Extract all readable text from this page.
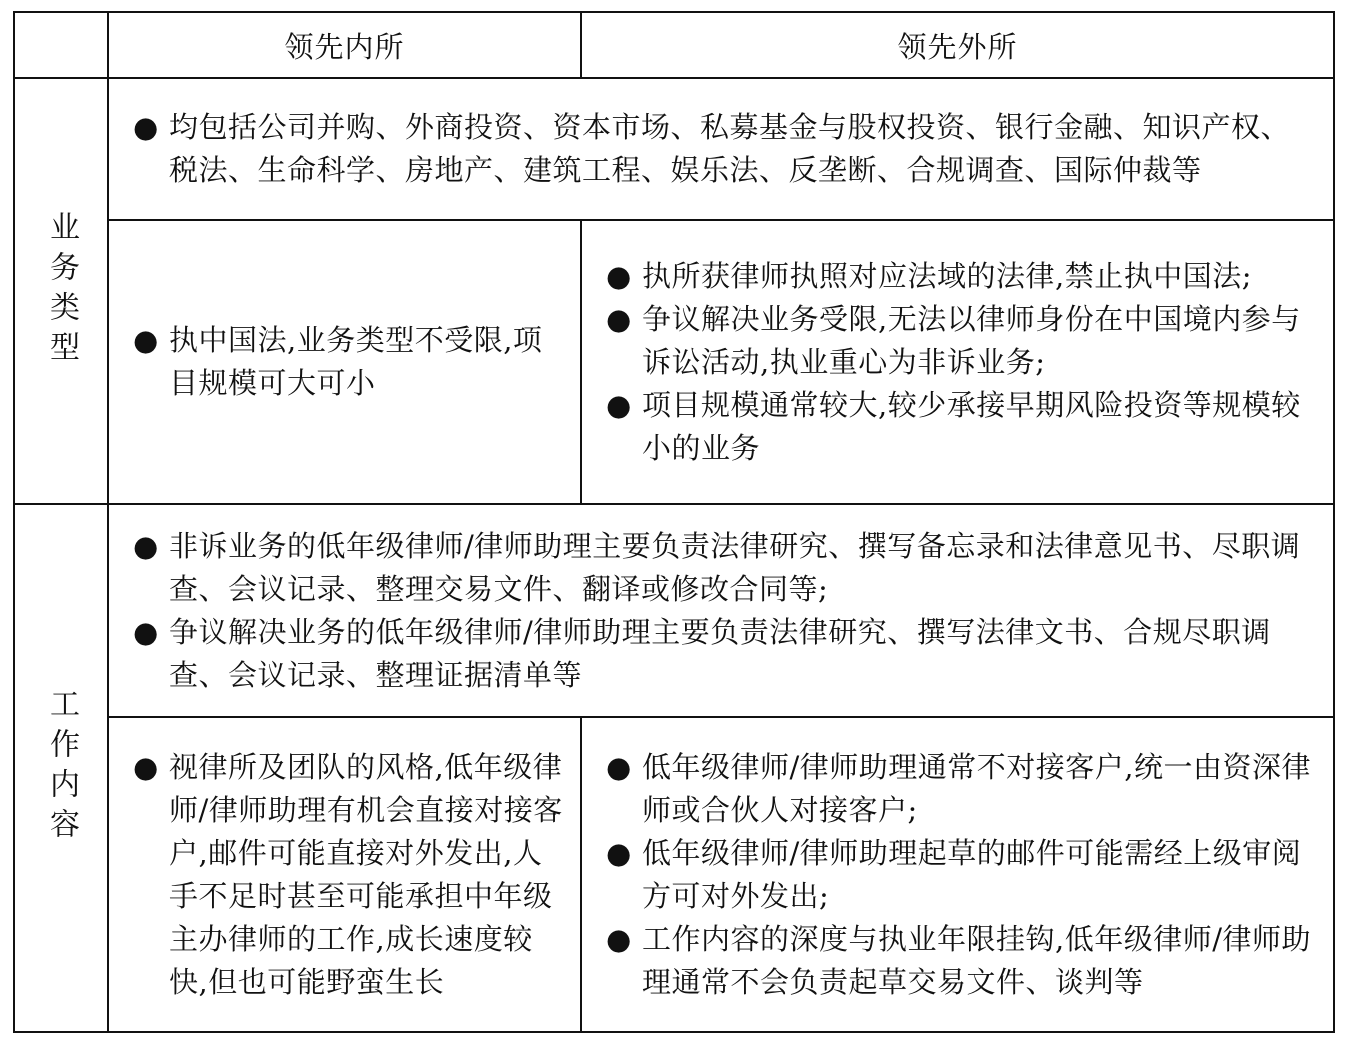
领先内所	领先外所
业务类型
● 均包括公司并购、外商投资、资本市场、私募基金与股权投资、银行金融、知识产权、税法、生命科学、房地产、建筑工程、娱乐法、反垄断、合规调查、国际仲裁等
● 执中国法,业务类型不受限,项目规模可大可小
● 执所获律师执照对应法域的法律,禁止执中国法;
● 争议解决业务受限,无法以律师身份在中国境内参与诉讼活动,执业重心为非诉业务;
● 项目规模通常较大,较少承接早期风险投资等规模较小的业务
工作内容
● 非诉业务的低年级律师/律师助理主要负责法律研究、撰写备忘录和法律意见书、尽职调查、会议记录、整理交易文件、翻译或修改合同等;
● 争议解决业务的低年级律师/律师助理主要负责法律研究、撰写法律文书、合规尽职调查、会议记录、整理证据清单等
● 视律所及团队的风格,低年级律师/律师助理有机会直接对接客户,邮件可能直接对外发出,人手不足时甚至可能承担中年级主办律师的工作,成长速度较快,但也可能野蛮生长
● 低年级律师/律师助理通常不对接客户,统一由资深律师或合伙人对接客户;
● 低年级律师/律师助理起草的邮件可能需经上级审阅方可对外发出;
● 工作内容的深度与执业年限挂钩,低年级律师/律师助理通常不会负责起草交易文件、谈判等
